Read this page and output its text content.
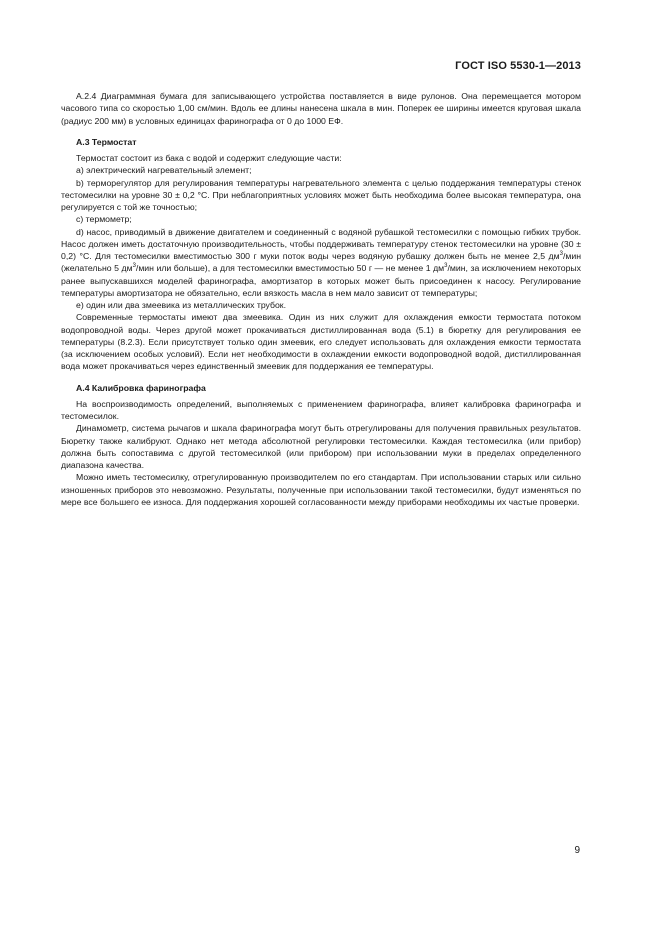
ГОСТ ISO 5530-1—2013

А.2.4 Диаграммная бумага для записывающего устройства поставляется в виде рулонов. Она перемещается мотором часового типа со скоростью 1,00 см/мин. Вдоль ее длины нанесена шкала в мин. Поперек ее ширины имеется круговая шкала (радиус 200 мм) в условных единицах фаринографа от 0 до 1000 ЕФ.

А.3 Термостат

Термостат состоит из бака с водой и содержит следующие части:

а) электрический нагревательный элемент;

b) терморегулятор для регулирования температуры нагревательного элемента с целью поддержания температуры стенок тестомесилки на уровне 30 ± 0,2 °С. При неблагоприятных условиях может быть необходима более высокая температура, она регулируется с той же точностью;

с) термометр;

d) насос, приводимый в движение двигателем и соединенный с водяной рубашкой тестомесилки с помощью гибких трубок. Насос должен иметь достаточную производительность, чтобы поддерживать температуру стенок тестомесилки на уровне (30 ± 0,2) °С. Для тестомесилки вместимостью 300 г муки поток воды через водяную рубашку должен быть не менее 2,5 $дм^3$/мин (желательно 5 $дм^3$/мин или больше), а для тестомесилки вместимостью 50 г — не менее 1 $дм^3$/мин, за исключением некоторых ранее выпускавшихся моделей фаринографа, амортизатор в которых может быть присоединен к насосу. Регулирование температуры амортизатора не обязательно, если вязкость масла в нем мало зависит от температуры;

е) один или два змеевика из металлических трубок.

Современные термостаты имеют два змеевика. Один из них служит для охлаждения емкости термостата потоком водопроводной воды. Через другой может прокачиваться дистиллированная вода (5.1) в бюретку для регулирования ее температуры (8.2.3). Если присутствует только один змеевик, его следует использовать для охлаждения емкости термостата (за исключением особых условий). Если нет необходимости в охлаждении емкости водопроводной водой, дистиллированная вода может прокачиваться через единственный змеевик для поддержания ее температуры.

А.4 Калибровка фаринографа

На воспроизводимость определений, выполняемых с применением фаринографа, влияет калибровка фаринографа и тестомесилок.

Динамометр, система рычагов и шкала фаринографа могут быть отрегулированы для получения правильных результатов. Бюретку также калибруют. Однако нет метода абсолютной регулировки тестомесилки. Каждая тестомесилка (или прибор) должна быть сопоставима с другой тестомесилкой (или прибором) при использовании муки в пределах определенного диапазона качества.

Можно иметь тестомесилку, отрегулированную производителем по его стандартам. При использовании старых или сильно изношенных приборов это невозможно. Результаты, полученные при использовании такой тестомесилки, будут изменяться по мере все большего ее износа. Для поддержания хорошей согласованности между приборами необходимы их частые проверки.

9
